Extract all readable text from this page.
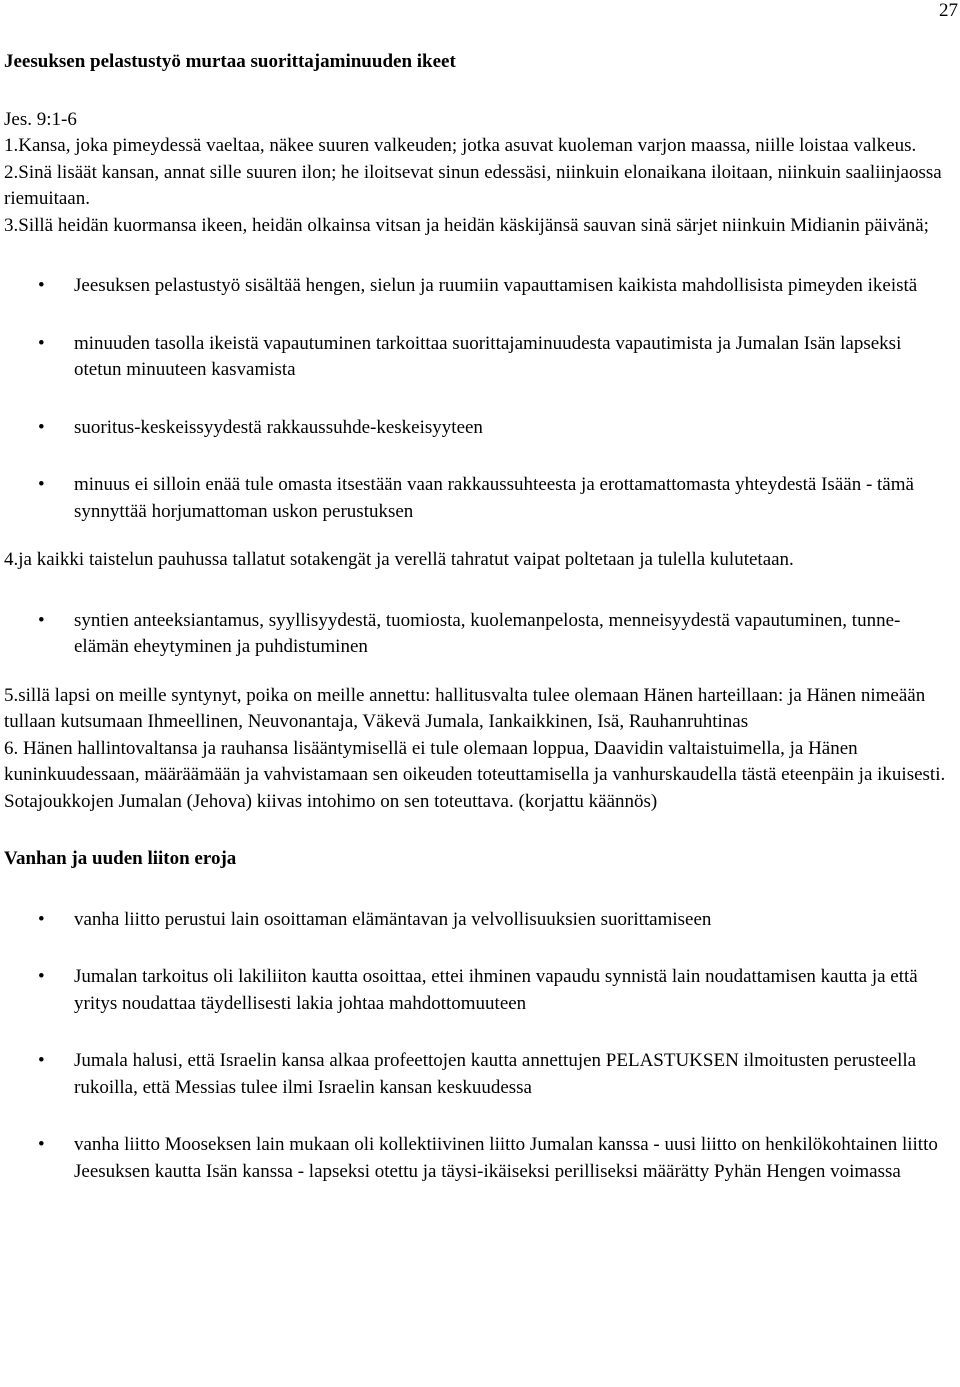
27
Jeesuksen pelastustyö murtaa suorittajaminuuden ikeet

Jes. 9:1-6

1.Kansa, joka pimeydessä vaeltaa, näkee suuren valkeuden; jotka asuvat kuoleman varjon maassa, niille loistaa valkeus.

2.Sinä lisäät kansan, annat sille suuren ilon; he iloitsevat sinun edessäsi, niinkuin elonaikana iloitaan, niinkuin saaliinjaossa riemuitaan.

3.Sillä heidän kuormansa ikeen, heidän olkainsa vitsan ja heidän käskijänsä sauvan sinä särjet niinkuin Midianin päivänä;

• Jeesuksen pelastustyö sisältää hengen, sielun ja ruumiin vapauttamisen kaikista mahdollisista pimeyden ikeistä
• minuuden tasolla ikeistä vapautuminen tarkoittaa suorittajaminuudesta vapautimista ja Jumalan Isän lapseksi otetun minuuteen kasvamista
• suoritus-keskeissyydestä rakkaussuhde-keskeisyyteen
• minuus ei silloin enää tule omasta itsestään vaan rakkaussuhteesta ja erottamattomasta yhteydestä Isään - tämä synnyttää horjumattoman uskon perustuksen

4.ja kaikki taistelun pauhussa tallatut sotakengät ja verellä tahratut vaipat poltetaan ja tulella kulutetaan.

• syntien anteeksiantamus, syyllisyydestä, tuomiosta, kuolemanpelosta, menneisyydestä vapautuminen, tunne-elämän eheytyminen ja puhdistuminen

5.sillä lapsi on meille syntynyt, poika on meille annettu: hallitusvalta tulee olemaan Hänen harteillaan: ja Hänen nimeään tullaan kutsumaan Ihmeellinen, Neuvonantaja, Väkevä Jumala, Iankaikkinen, Isä, Rauhanruhtinas

6. Hänen hallintovaltansa ja rauhansa lisääntymisellä ei tule olemaan loppua, Daavidin valtaistuimella, ja Hänen kuninkuudessaan, määräämään ja vahvistamaan sen oikeuden toteuttamisella ja vanhurskaudella tästä eteenpäin ja ikuisesti. Sotajoukkojen Jumalan (Jehova) kiivas intohimo on sen toteuttava. (korjattu käännös)

Vanhan ja uuden liiton eroja
• vanha liitto perustui lain osoittaman elämäntavan ja velvollisuuksien suorittamiseen
• Jumalan tarkoitus oli lakiliiton kautta osoittaa, ettei ihminen vapaudu synnistä lain noudattamisen kautta ja että yritys noudattaa täydellisesti lakia johtaa mahdottomuuteen
• Jumala halusi, että Israelin kansa alkaa profeettojen kautta annettujen PELASTUKSEN ilmoitusten perusteella rukoilla, että Messias tulee ilmi Israelin kansan keskuudessa
• vanha liitto Mooseksen lain mukaan oli kollektiivinen liitto Jumalan kanssa - uusi liitto on henkilökohtainen liitto Jeesuksen kautta Isän kanssa - lapseksi otettu ja täysi-ikäiseksi perilliseksi määrätty Pyhän Hengen voimassa
